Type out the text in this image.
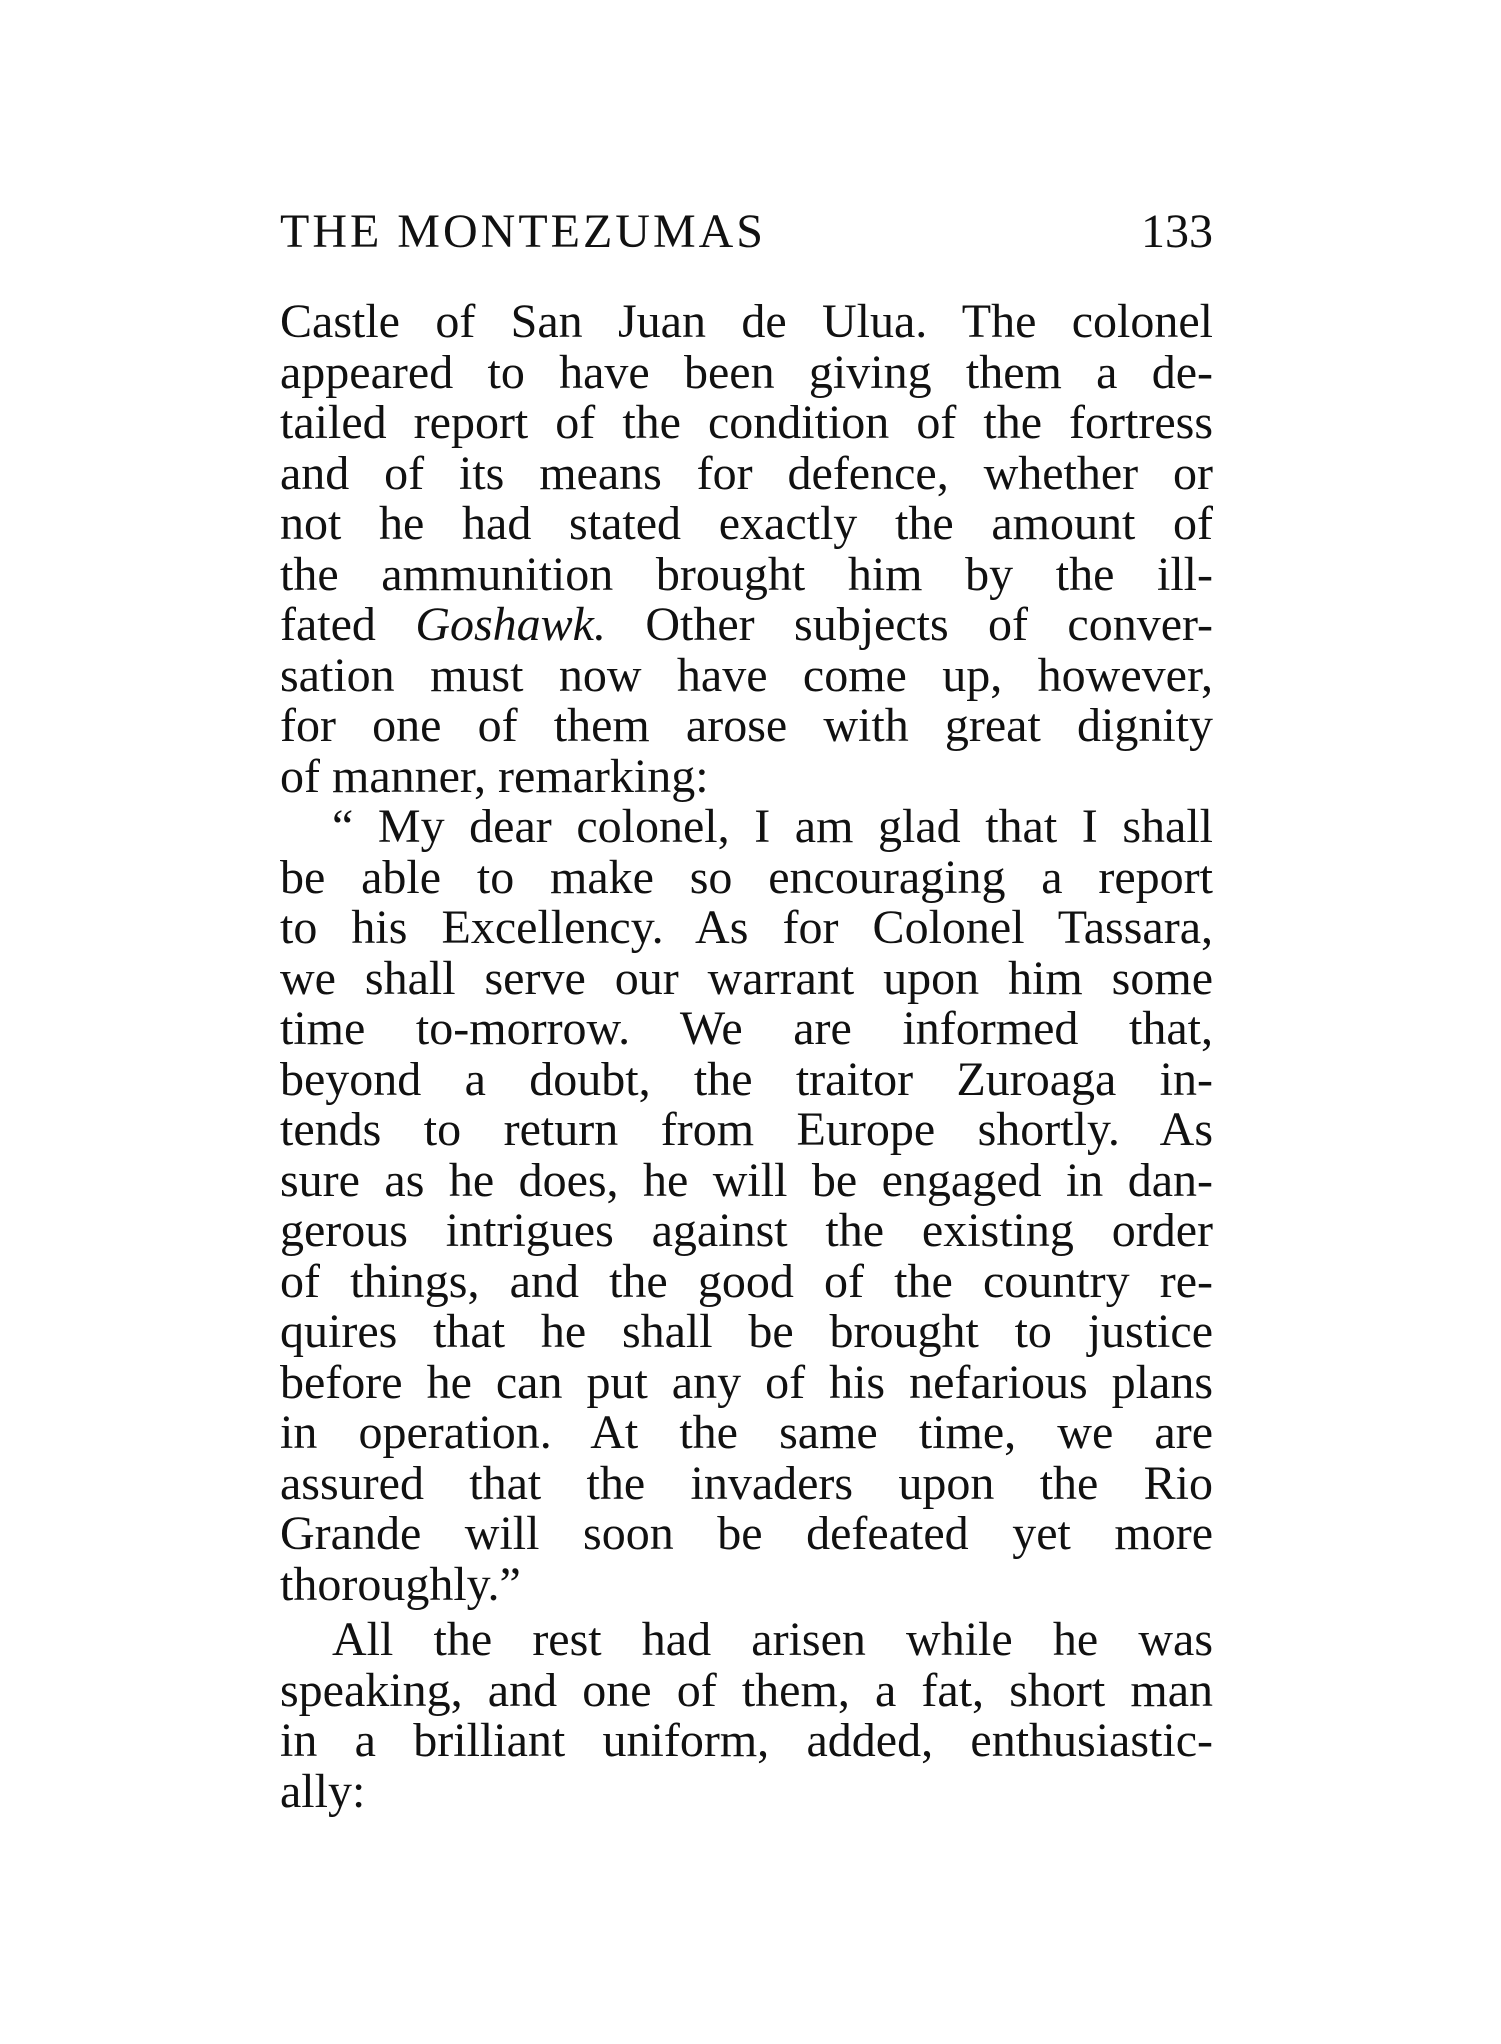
THE MONTEZUMAS	133
Castle of San Juan de Ulua. The colonel
appeared to have been giving them a de-
tailed report of the condition of the fortress
and of its means for defence, whether or
not he had stated exactly the amount of
the ammunition brought him by the ill-
fated Goshawk. Other subjects of conver-
sation must now have come up, however,
for one of them arose with great dignity
of manner, remarking:
“ My dear colonel, I am glad that I shall
be able to make so encouraging a report
to his Excellency. As for Colonel Tassara,
we shall serve our warrant upon him some
time to-morrow. We are informed that,
beyond a doubt, the traitor Zuroaga in-
tends to return from Europe shortly. As
sure as he does, he will be engaged in dan-
gerous intrigues against the existing order
of things, and the good of the country re-
quires that he shall be brought to justice
before he can put any of his nefarious plans
in operation. At the same time, we are
assured that the invaders upon the Rio
Grande will soon be defeated yet more
thoroughly.”
All the rest had arisen while he was
speaking, and one of them, a fat, short man
in a brilliant uniform, added, enthusiastic-
ally:
